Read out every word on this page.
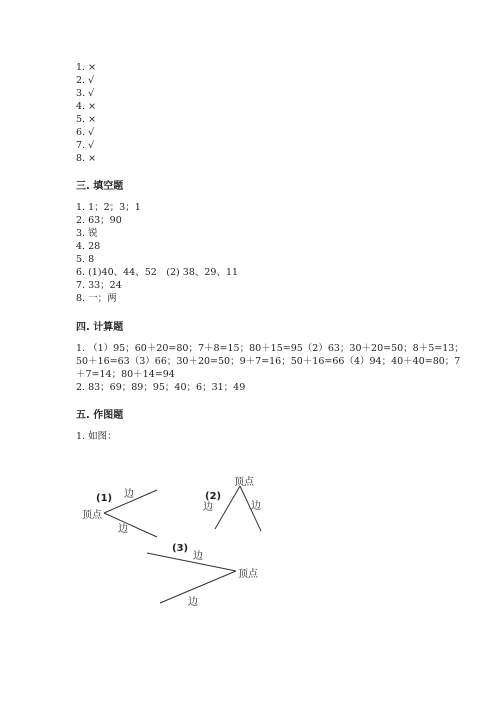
1. ×
2. √
3. √
4. ×
5. ×
6. √
7. √
8. ×
三. 填空题
1. 1；2；3；1
2. 63；90
3. 锐
4. 28
5. 8
6. (1)40、44、52　(2) 38、29、11
7. 33；24
8. 一；两
四. 计算题
1. （1）95；60＋20=80；7＋8=15；80＋15=95（2）63；30＋20=50；8＋5=13；
50＋16=63（3）66；30＋20=50；9＋7=16；50＋16=66（4）94；40＋40=80；7
＋7=14；80＋14=94
2. 83；69；89；95；40；6；31；49
五. 作图题
1. 如图：
(1) 边
顶点
边
顶点
(2)
边	边
(3)
边
顶点
边
